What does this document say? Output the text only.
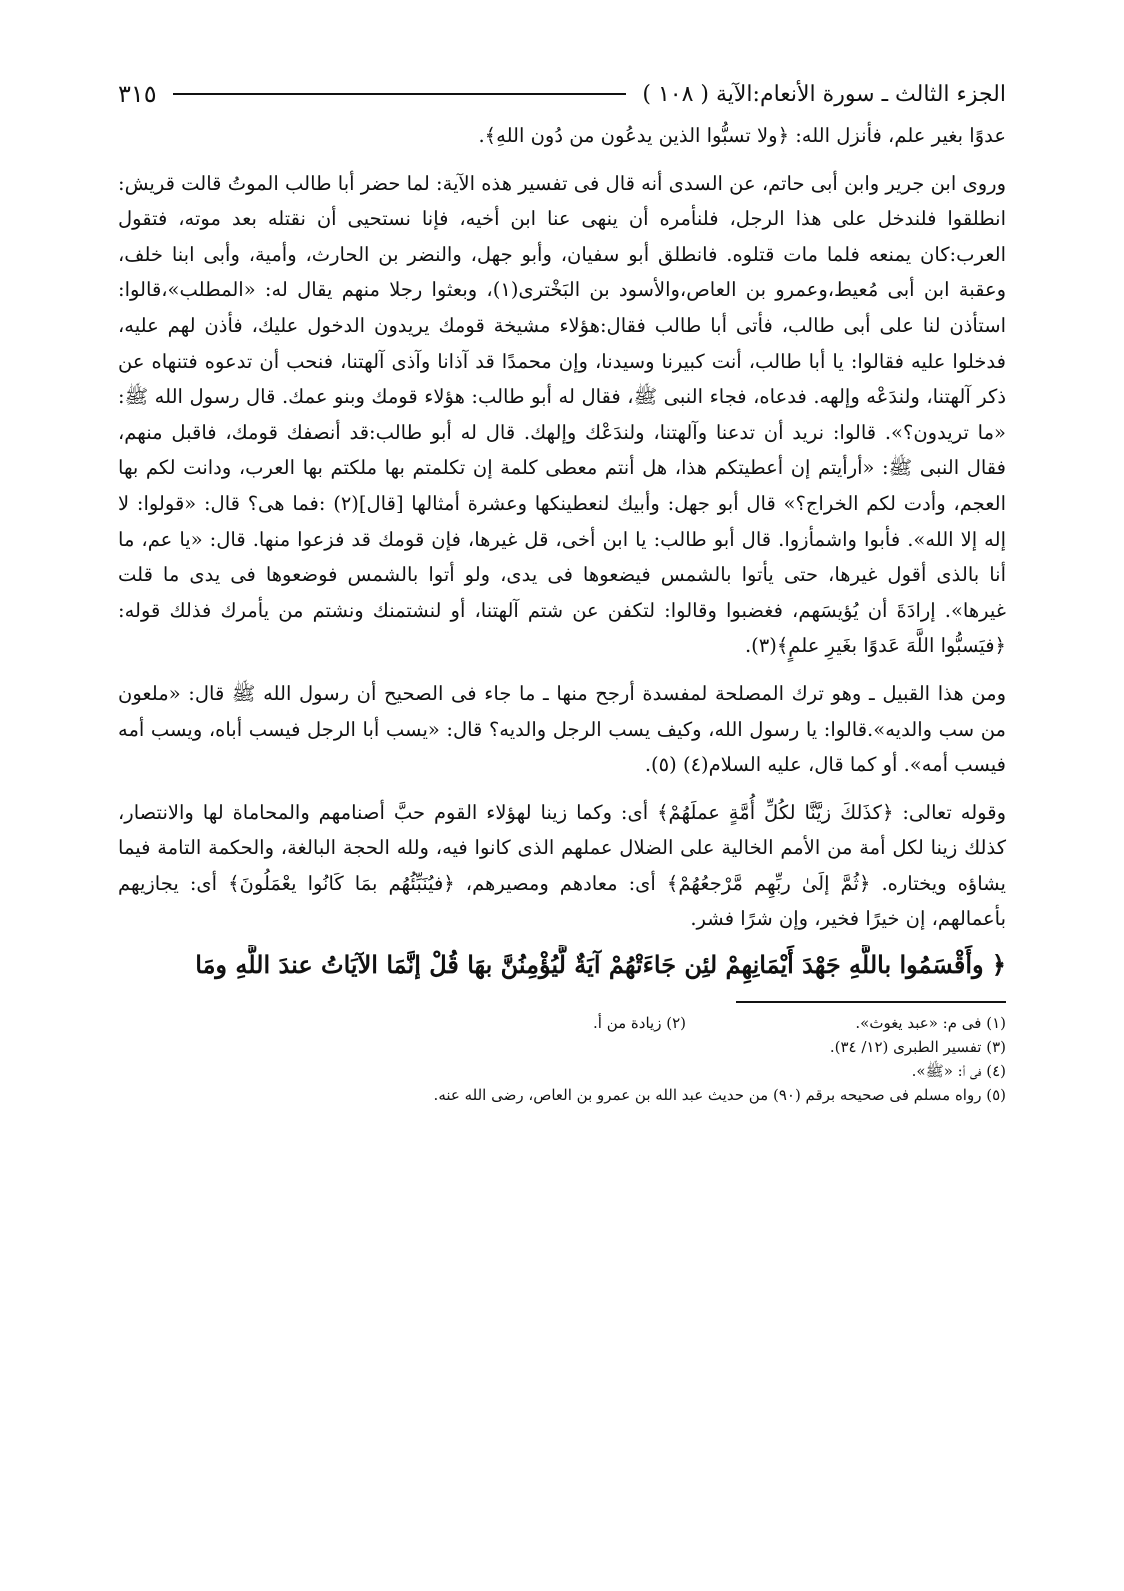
الجزء الثالث ـ سورة الأنعام:الآية ( ١٠٨ )
٣١٥

عدوًا بغير علم، فأنزل الله: ﴿ولا تسبُّوا الذين يدعُون من دُون اللهِ﴾.

وروى ابن جرير وابن أبى حاتم، عن السدى أنه قال فى تفسير هذه الآية: لما حضر أبا طالب الموتُ قالت قريش: انطلقوا فلندخل على هذا الرجل، فلنأمره أن ينهى عنا ابن أخيه، فإنا نستحيى أن نقتله بعد موته، فتقول العرب:كان يمنعه فلما مات قتلوه. فانطلق أبو سفيان، وأبو جهل، والنضر بن الحارث، وأمية، وأبى ابنا خلف، وعقبة ابن أبى مُعيط،وعمرو بن العاص،والأسود بن البَخْترى(١)، وبعثوا رجلا منهم يقال له: «المطلب»،قالوا: استأذن لنا على أبى طالب، فأتى أبا طالب فقال:هؤلاء مشيخة قومك يريدون الدخول عليك، فأذن لهم عليه، فدخلوا عليه فقالوا: يا أبا طالب، أنت كبيرنا وسيدنا، وإن محمدًا قد آذانا وآذى آلهتنا، فنحب أن تدعوه فتنهاه عن ذكر آلهتنا، ولندَعْه وإلهه. فدعاه، فجاء النبى ﷺ، فقال له أبو طالب: هؤلاء قومك وبنو عمك. قال رسول الله ﷺ: «ما تريدون؟». قالوا: نريد أن تدعنا وآلهتنا، ولندَعْك وإلهك. قال له أبو طالب:قد أنصفك قومك، فاقبل منهم، فقال النبى ﷺ: «أرأيتم إن أعطيتكم هذا، هل أنتم معطى كلمة إن تكلمتم بها ملكتم بها العرب، ودانت لكم بها العجم، وأدت لكم الخراج؟» قال أبو جهل: وأبيك لنعطينكها وعشرة أمثالها [قال](٢) :فما هى؟ قال: «قولوا: لا إله إلا الله». فأبوا واشمأزوا. قال أبو طالب: يا ابن أخى، قل غيرها، فإن قومك قد فزعوا منها. قال: «يا عم، ما أنا بالذى أقول غيرها، حتى يأتوا بالشمس فيضعوها فى يدى، ولو أتوا بالشمس فوضعوها فى يدى ما قلت غيرها». إرادَةَ أن يُؤيسَهم، فغضبوا وقالوا: لتكفن عن شتم آلهتنا، أو لنشتمنك ونشتم من يأمرك فذلك قوله: ﴿فيَسبُّوا اللَّهَ عَدوًا بغَيرِ علمٍ﴾(٣).

ومن هذا القبيل ـ وهو ترك المصلحة لمفسدة أرجح منها ـ ما جاء فى الصحيح أن رسول الله ﷺ قال: «ملعون من سب والديه».قالوا: يا رسول الله، وكيف يسب الرجل والديه؟ قال: «يسب أبا الرجل فيسب أباه، ويسب أمه فيسب أمه». أو كما قال، عليه السلام(٤) (٥).

وقوله تعالى: ﴿كذَلكَ زيَّنَّا لكُلِّ أُمَّةٍ عملَهُمْ﴾ أى: وكما زينا لهؤلاء القوم حبَّ أصنامهم والمحاماة لها والانتصار، كذلك زينا لكل أمة من الأمم الخالية على الضلال عملهم الذى كانوا فيه، ولله الحجة البالغة، والحكمة التامة فيما يشاؤه ويختاره. ﴿ثُمَّ إلَىٰ ربِّهِم مَّرْجعُهُمْ﴾ أى: معادهم ومصيرهم، ﴿فيُنَبِّئُهُم بمَا كَانُوا يعْمَلُونَ﴾ أى: يجازيهم بأعمالهم، إن خيرًا فخير، وإن شرًا فشر.

﴿ وأَقْسَمُوا باللَّهِ جَهْدَ أَيْمَانِهِمْ لئِن جَاءَتْهُمْ آيَةٌ لَّيُؤْمِنُنَّ بهَا قُلْ إنَّمَا الآيَاتُ عندَ اللَّهِ ومَا
(١) فى م: «عبد يغوث».
(٢) زيادة من أ.
(٣) تفسير الطبرى (١٢/ ٣٤).
(٤) فى أ: «ﷺ».
(٥) رواه مسلم فى صحيحه برقم (٩٠) من حديث عبد الله بن عمرو بن العاص، رضى الله عنه.
